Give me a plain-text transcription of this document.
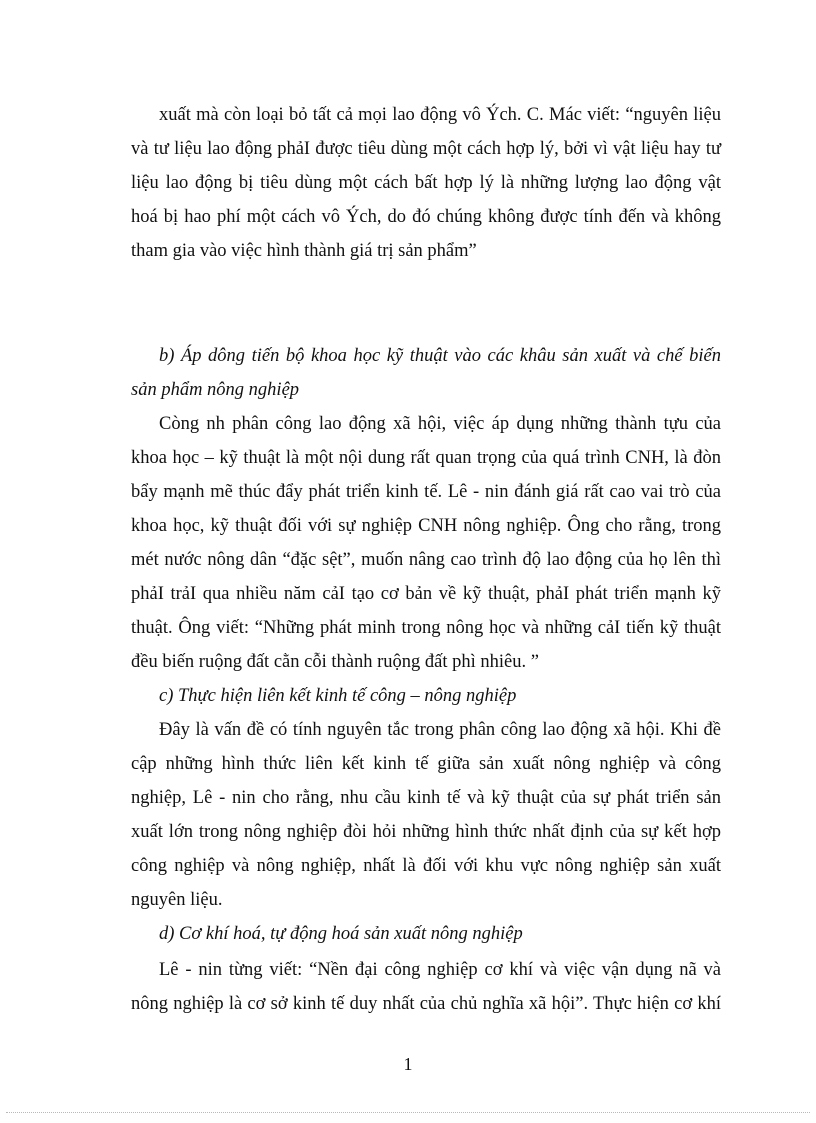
xuất mà còn loại bỏ tất cả mọi lao động vô Ých. C. Mác viết: “nguyên liệu
và tư liệu lao động phảI được tiêu dùng một cách hợp lý, bởi vì vật liệu hay tư
liệu lao động bị tiêu dùng một cách bất hợp lý là những lượng lao động vật
hoá bị hao phí một cách vô Ých, do đó chúng không được tính đến và không
tham gia vào việc hình thành giá trị sản phẩm”
b) Áp dông tiến bộ khoa học kỹ thuật vào các khâu sản xuất và chế biến
sản phẩm nông nghiệp
Còng nh phân công lao động xã hội, việc áp dụng những thành tựu của
khoa học – kỹ thuật là một nội dung rất quan trọng của quá trình CNH, là đòn
bẩy mạnh mẽ thúc đẩy phát triển kinh tế. Lê - nin đánh giá rất cao vai trò của
khoa học, kỹ thuật đối với sự nghiệp CNH nông nghiệp. Ông cho rằng, trong
mét nước nông dân “đặc sệt”, muốn nâng cao trình độ lao động của họ lên thì
phảI trảI qua nhiều năm cảI tạo cơ bản về kỹ thuật, phảI phát triển mạnh kỹ
thuật. Ông viết: “Những phát minh trong nông học và những cảI tiến kỹ thuật
đều biến ruộng đất cằn cỗi thành ruộng đất phì nhiêu. ”
c) Thực hiện liên kết kinh tế công – nông nghiệp
Đây là vấn đề có tính nguyên tắc trong phân công lao động xã hội. Khi đề
cập những hình thức liên kết kinh tế giữa sản xuất nông nghiệp và công
nghiệp, Lê - nin cho rằng, nhu cầu kinh tế và kỹ thuật của sự phát triển sản
xuất lớn trong nông nghiệp đòi hỏi những hình thức nhất định của sự kết hợp
công nghiệp và nông nghiệp, nhất là đối với khu vực nông nghiệp sản xuất
nguyên liệu.
d) Cơ khí hoá, tự động hoá sản xuất nông nghiệp
Lê - nin từng viết: “Nền đại công nghiệp cơ khí và việc vận dụng nã và
nông nghiệp là cơ sở kinh tế duy nhất của chủ nghĩa xã hội”. Thực hiện cơ khí
1
